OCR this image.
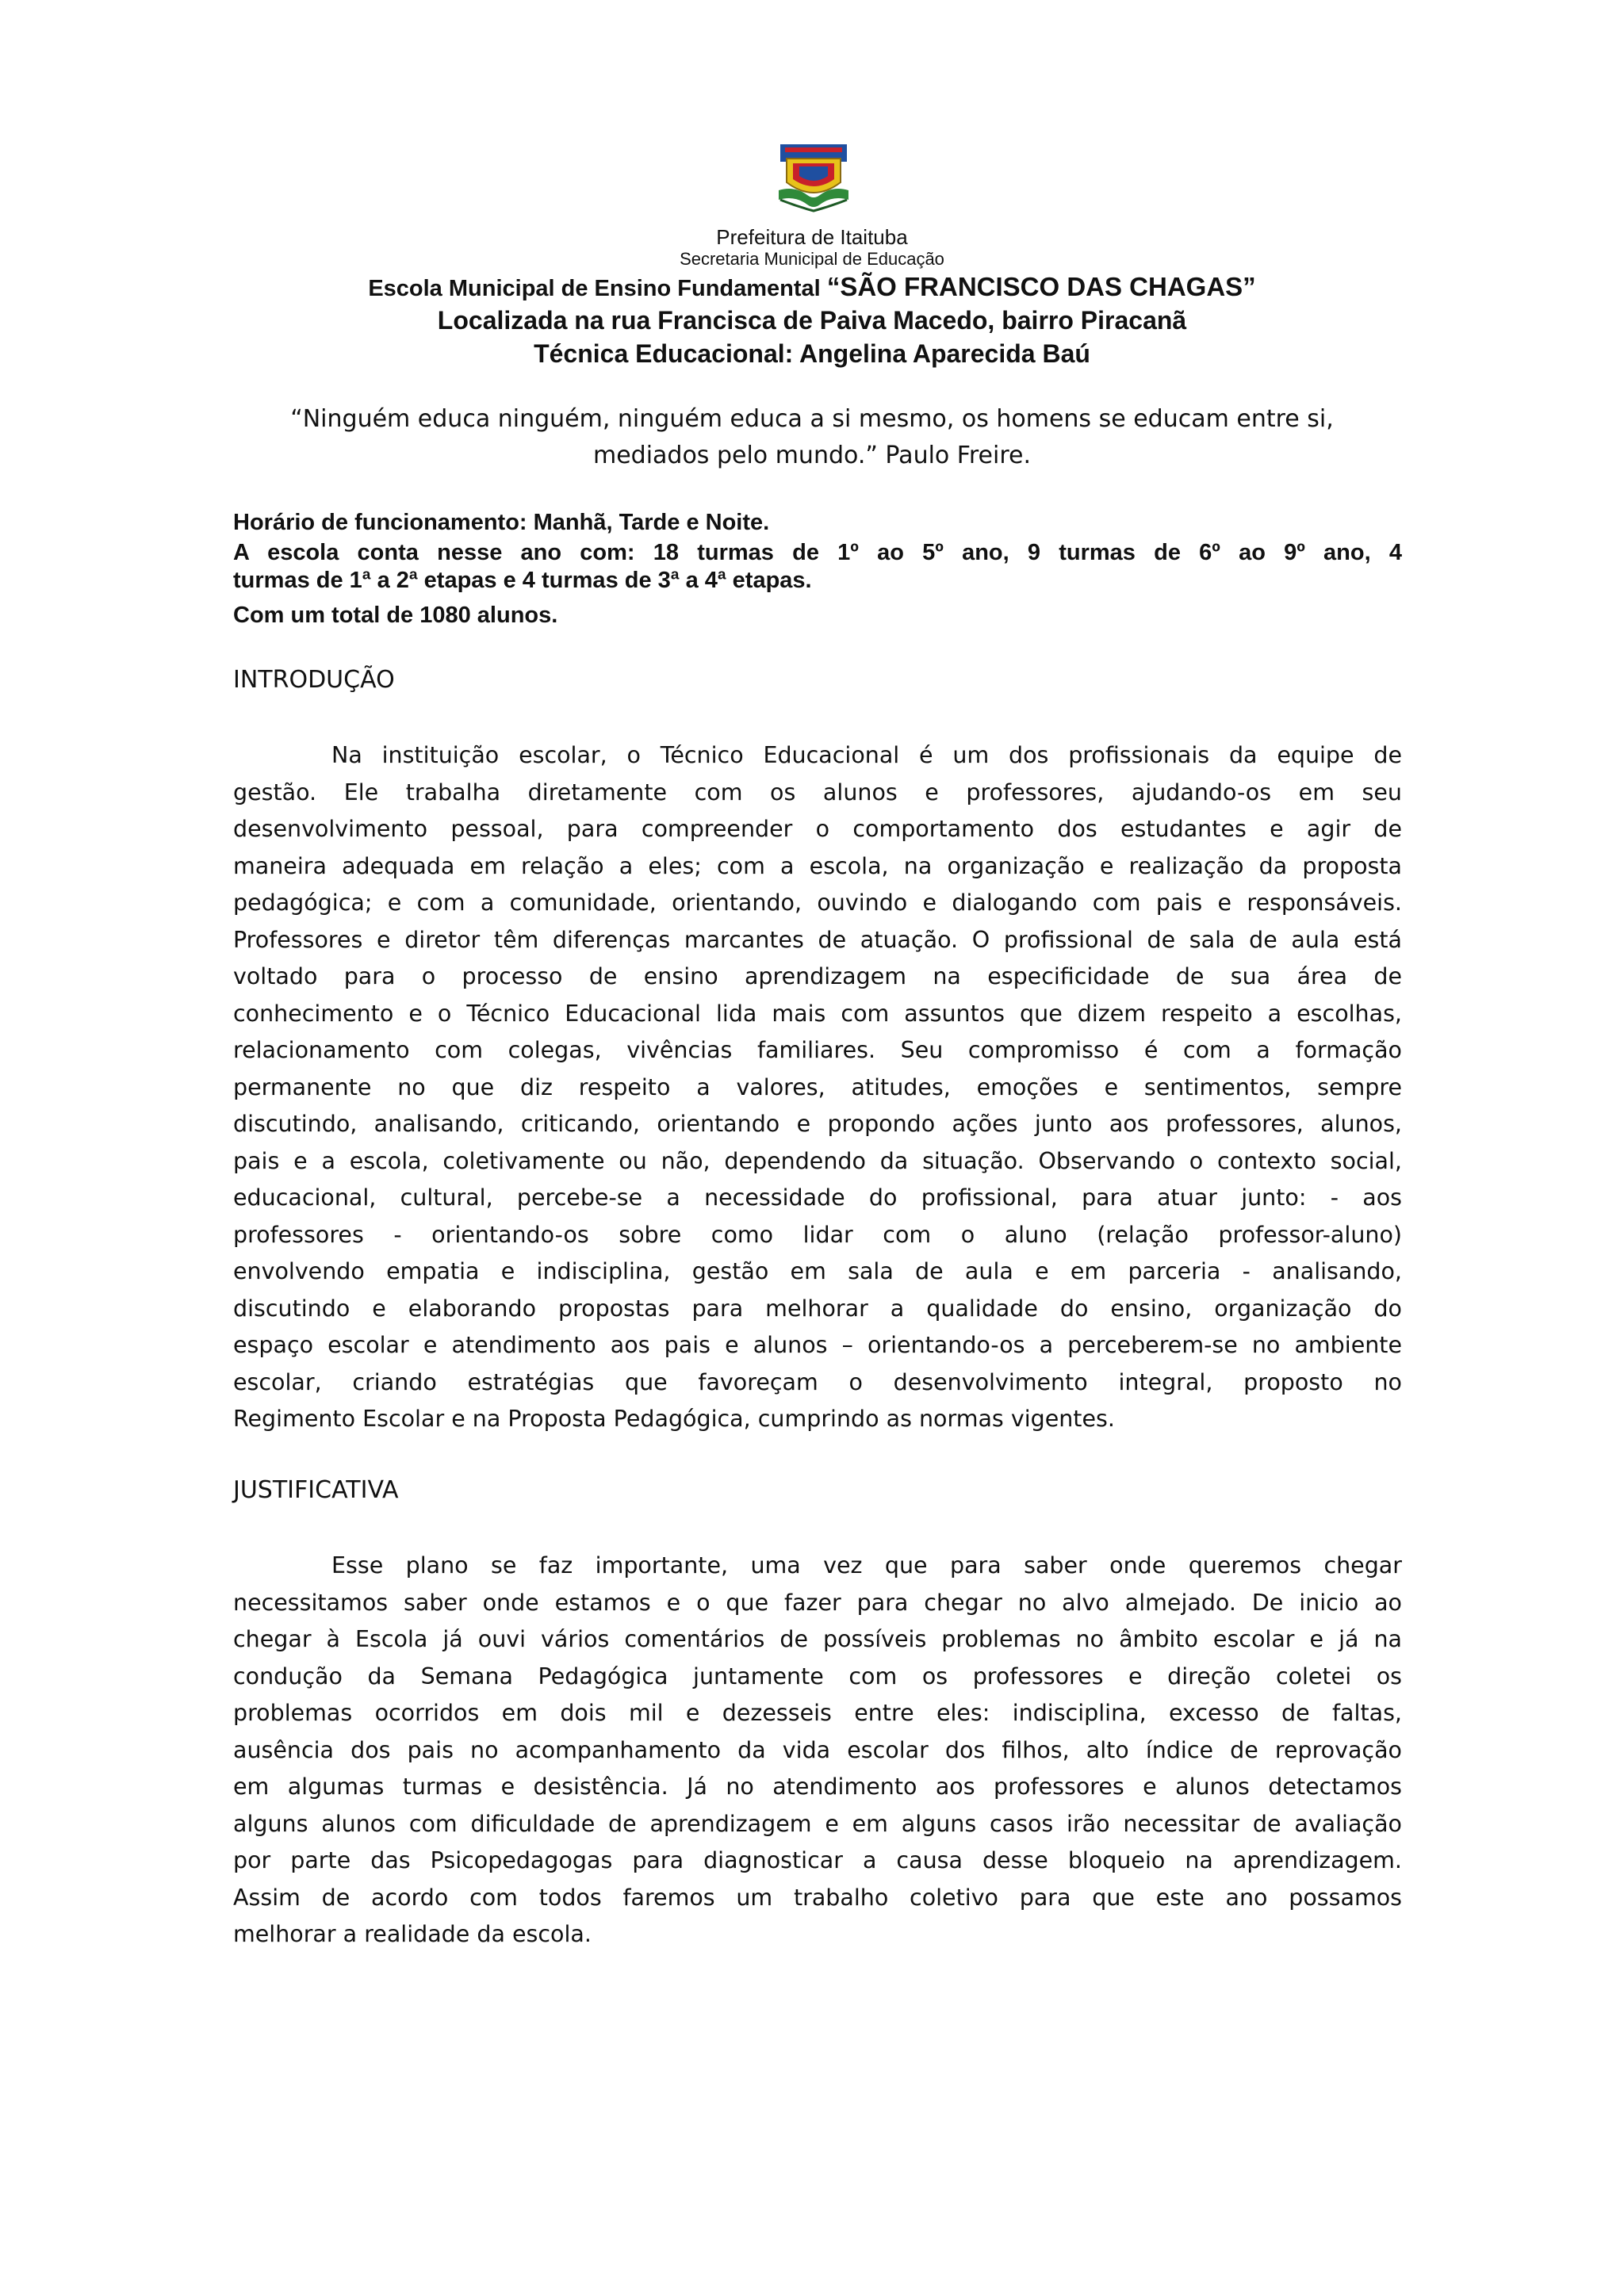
Prefeitura de Itaituba
Secretaria Municipal de Educação
Escola Municipal de Ensino Fundamental “SÃO FRANCISCO DAS CHAGAS”
Localizada na rua Francisca de Paiva Macedo, bairro Piracanã
Técnica Educacional: Angelina Aparecida Baú
“Ninguém educa ninguém, ninguém educa a si mesmo, os homens se educam entre si,
mediados pelo mundo.” Paulo Freire.
Horário de funcionamento: Manhã, Tarde e Noite.
A escola conta nesse ano com: 18 turmas de 1º ao 5º ano, 9 turmas de 6º ao 9º ano, 4
turmas de 1ª a 2ª etapas e 4 turmas de 3ª a 4ª etapas.
Com um total de 1080 alunos.
INTRODUÇÃO
Na instituição escolar, o Técnico Educacional é um dos profissionais da equipe de
gestão. Ele trabalha diretamente com os alunos e professores, ajudando-os em seu
desenvolvimento pessoal, para compreender o comportamento dos estudantes e agir de
maneira adequada em relação a eles; com a escola, na organização e realização da proposta
pedagógica; e com a comunidade, orientando, ouvindo e dialogando com pais e responsáveis.
Professores e diretor têm diferenças marcantes de atuação. O profissional de sala de aula está
voltado para o processo de ensino aprendizagem na especificidade de sua área de
conhecimento e o Técnico Educacional lida mais com assuntos que dizem respeito a escolhas,
relacionamento com colegas, vivências familiares. Seu compromisso é com a formação
permanente no que diz respeito a valores, atitudes, emoções e sentimentos, sempre
discutindo, analisando, criticando, orientando e propondo ações junto aos professores, alunos,
pais e a escola, coletivamente ou não, dependendo da situação. Observando o contexto social,
educacional, cultural, percebe-se a necessidade do profissional, para atuar junto: - aos
professores - orientando-os sobre como lidar com o aluno (relação professor-aluno)
envolvendo empatia e indisciplina, gestão em sala de aula e em parceria - analisando,
discutindo e elaborando propostas para melhorar a qualidade do ensino, organização do
espaço escolar e atendimento aos pais e alunos – orientando-os a perceberem-se no ambiente
escolar, criando estratégias que favoreçam o desenvolvimento integral, proposto no
Regimento Escolar e na Proposta Pedagógica, cumprindo as normas vigentes.
JUSTIFICATIVA
Esse plano se faz importante, uma vez que para saber onde queremos chegar
necessitamos saber onde estamos e o que fazer para chegar no alvo almejado. De inicio ao
chegar à Escola já ouvi vários comentários de possíveis problemas no âmbito escolar e já na
condução da Semana Pedagógica juntamente com os professores e direção coletei os
problemas ocorridos em dois mil e dezesseis entre eles: indisciplina, excesso de faltas,
ausência dos pais no acompanhamento da vida escolar dos filhos, alto índice de reprovação
em algumas turmas e desistência. Já no atendimento aos professores e alunos detectamos
alguns alunos com dificuldade de aprendizagem e em alguns casos irão necessitar de avaliação
por parte das Psicopedagogas para diagnosticar a causa desse bloqueio na aprendizagem.
Assim de acordo com todos faremos um trabalho coletivo para que este ano possamos
melhorar a realidade da escola.
